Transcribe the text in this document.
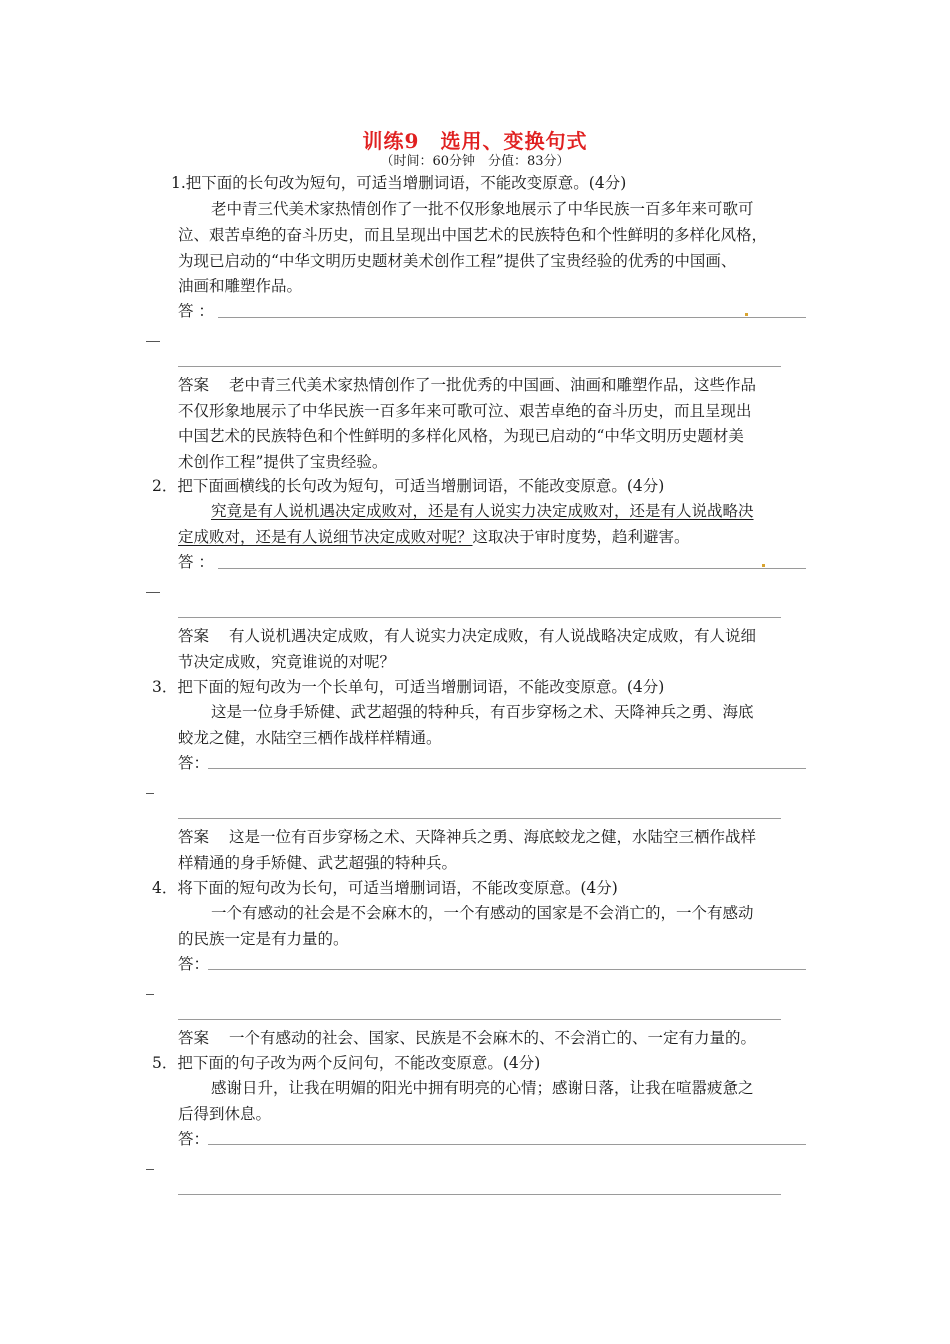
训练9　选用、变换句式
（时间：60分钟　分值：83分）
1.把下面的长句改为短句，可适当增删词语，不能改变原意。(4分)
老中青三代美术家热情创作了一批不仅形象地展示了中华民族一百多年来可歌可
泣、艰苦卓绝的奋斗历史，而且呈现出中国艺术的民族特色和个性鲜明的多样化风格，
为现已启动的“中华文明历史题材美术创作工程”提供了宝贵经验的优秀的中国画、
油画和雕塑作品。
答 ：
答案 老中青三代美术家热情创作了一批优秀的中国画、油画和雕塑作品，这些作品
不仅形象地展示了中华民族一百多年来可歌可泣、艰苦卓绝的奋斗历史，而且呈现出
中国艺术的民族特色和个性鲜明的多样化风格，为现已启动的“中华文明历史题材美
术创作工程”提供了宝贵经验。
2．把下面画横线的长句改为短句，可适当增删词语，不能改变原意。(4分)
究竟是有人说机遇决定成败对，还是有人说实力决定成败对，还是有人说战略决
定成败对，还是有人说细节决定成败对呢？这取决于审时度势，趋利避害。
答 ：
答案 有人说机遇决定成败，有人说实力决定成败，有人说战略决定成败，有人说细
节决定成败，究竟谁说的对呢？
3．把下面的短句改为一个长单句，可适当增删词语，不能改变原意。(4分)
这是一位身手矫健、武艺超强的特种兵，有百步穿杨之术、天降神兵之勇、海底
蛟龙之健，水陆空三栖作战样样精通。
答：
答案 这是一位有百步穿杨之术、天降神兵之勇、海底蛟龙之健，水陆空三栖作战样
样精通的身手矫健、武艺超强的特种兵。
4．将下面的短句改为长句，可适当增删词语，不能改变原意。(4分)
一个有感动的社会是不会麻木的，一个有感动的国家是不会消亡的，一个有感动
的民族一定是有力量的。
答：
答案 一个有感动的社会、国家、民族是不会麻木的、不会消亡的、一定有力量的。
5．把下面的句子改为两个反问句，不能改变原意。(4分)
感谢日升，让我在明媚的阳光中拥有明亮的心情；感谢日落，让我在喧嚣疲惫之
后得到休息。
答：
